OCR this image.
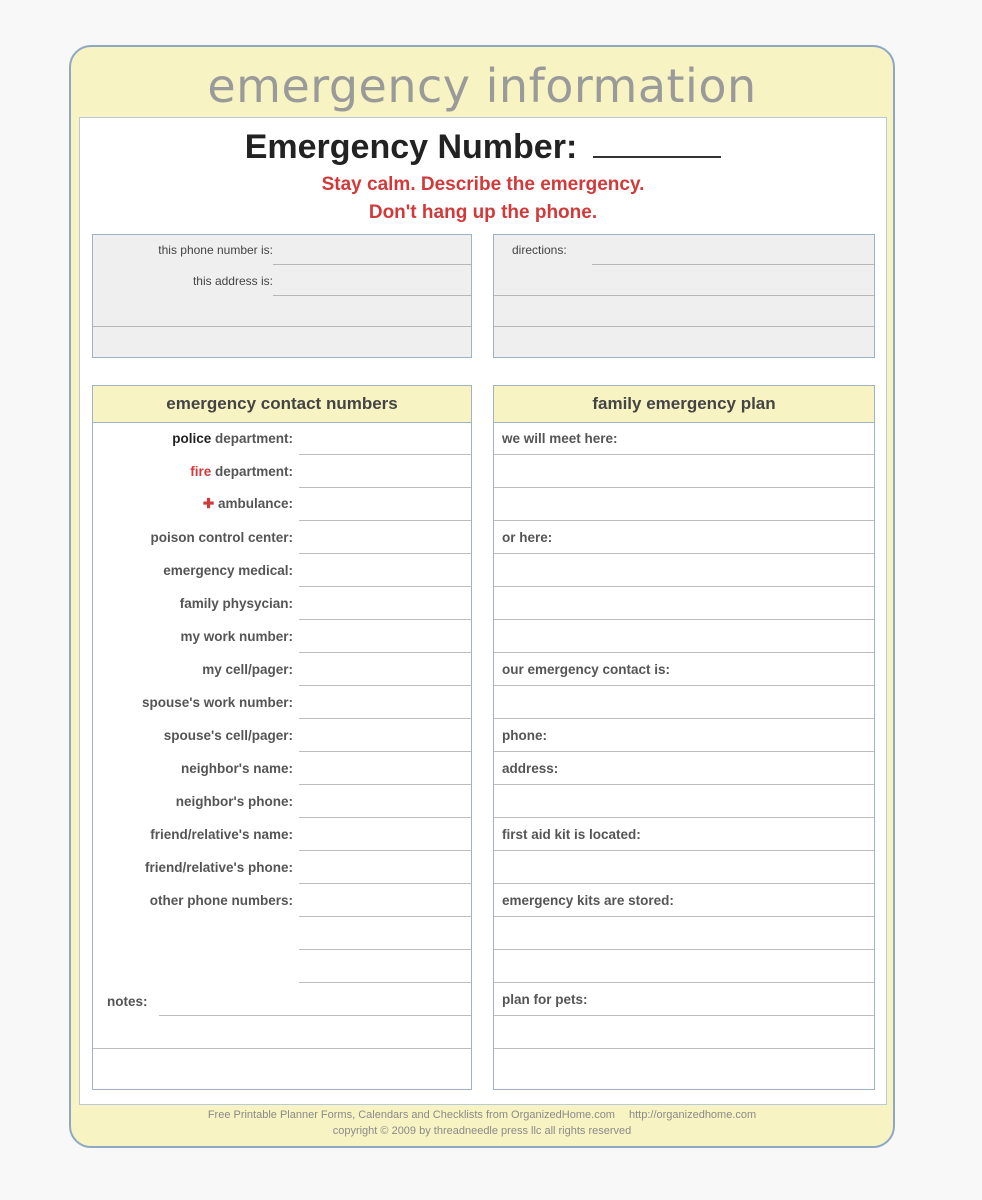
emergency information
Emergency Number:
Stay calm. Describe the emergency.
Don't hang up the phone.
this phone number is:
this address is:
directions:
emergency contact numbers
police department:
fire department:
✚ ambulance:
poison control center:
emergency medical:
family physycian:
my work number:
my cell/pager:
spouse's work number:
spouse's cell/pager:
neighbor's name:
neighbor's phone:
friend/relative's name:
friend/relative's phone:
other phone numbers:
notes:
family emergency plan
we will meet here:
or here:
our emergency contact is:
phone:
address:
first aid kit is located:
emergency kits are stored:
plan for pets:
Free Printable Planner Forms, Calendars and Checklists from OrganizedHome.com http://organizedhome.com
copyright © 2009 by threadneedle press llc all rights reserved
